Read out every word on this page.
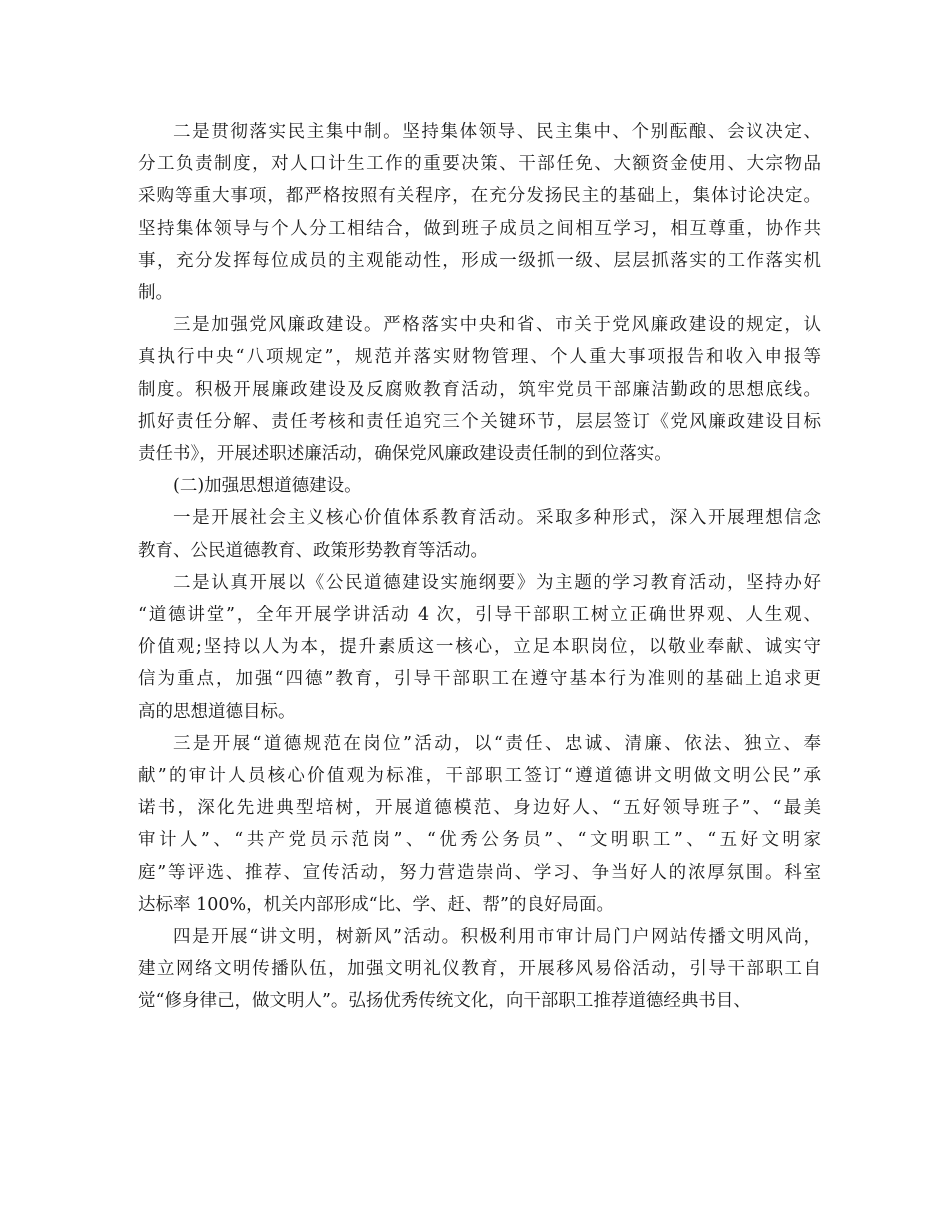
二是贯彻落实民主集中制。坚持集体领导、民主集中、个别酝酿、会议决定、
分工负责制度，对人口计生工作的重要决策、干部任免、大额资金使用、大宗物品
采购等重大事项，都严格按照有关程序，在充分发扬民主的基础上，集体讨论决定。
坚持集体领导与个人分工相结合，做到班子成员之间相互学习，相互尊重，协作共
事，充分发挥每位成员的主观能动性，形成一级抓一级、层层抓落实的工作落实机
制。
三是加强党风廉政建设。严格落实中央和省、市关于党风廉政建设的规定，认
真执行中央“八项规定”，规范并落实财物管理、个人重大事项报告和收入申报等
制度。积极开展廉政建设及反腐败教育活动，筑牢党员干部廉洁勤政的思想底线。
抓好责任分解、责任考核和责任追究三个关键环节，层层签订《党风廉政建设目标
责任书》，开展述职述廉活动，确保党风廉政建设责任制的到位落实。
(二)加强思想道德建设。
一是开展社会主义核心价值体系教育活动。采取多种形式，深入开展理想信念
教育、公民道德教育、政策形势教育等活动。
二是认真开展以《公民道德建设实施纲要》为主题的学习教育活动，坚持办好
“道德讲堂”，全年开展学讲活动 4 次，引导干部职工树立正确世界观、人生观、
价值观;坚持以人为本，提升素质这一核心，立足本职岗位，以敬业奉献、诚实守
信为重点，加强“四德”教育，引导干部职工在遵守基本行为准则的基础上追求更
高的思想道德目标。
三是开展“道德规范在岗位”活动，以“责任、忠诚、清廉、依法、独立、奉
献”的审计人员核心价值观为标准，干部职工签订“遵道德讲文明做文明公民”承
诺书，深化先进典型培树，开展道德模范、身边好人、“五好领导班子”、“最美
审计人”、“共产党员示范岗”、“优秀公务员”、“文明职工”、“五好文明家
庭”等评选、推荐、宣传活动，努力营造崇尚、学习、争当好人的浓厚氛围。科室
达标率 100%，机关内部形成“比、学、赶、帮”的良好局面。
四是开展“讲文明，树新风”活动。积极利用市审计局门户网站传播文明风尚，
建立网络文明传播队伍，加强文明礼仪教育，开展移风易俗活动，引导干部职工自
觉“修身律己，做文明人”。弘扬优秀传统文化，向干部职工推荐道德经典书目、
